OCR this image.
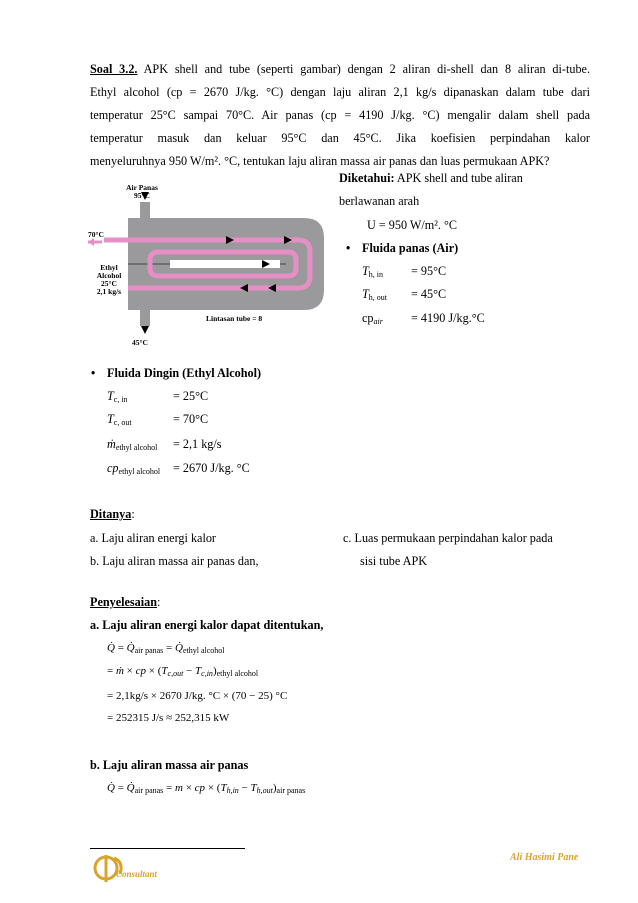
Soal 3.2. APK shell and tube (seperti gambar) dengan 2 aliran di-shell dan 8 aliran di-tube.
Ethyl alcohol (cp = 2670 J/kg. °C) dengan laju aliran 2,1 kg/s dipanaskan dalam tube dari
temperatur 25°C sampai 70°C. Air panas (cp = 4190 J/kg. °C) mengalir dalam shell pada
temperatur masuk dan keluar 95°C dan 45°C. Jika koefisien perpindahan kalor
menyeluruhnya 950 W/m². °C, tentukan laju aliran massa air panas dan luas permukaan APK?
Air Panas
95°C
70°C
Ethyl
Alcohol
25°C
2,1 kg/s
Lintasan tube = 8
45°C
Diketahui: APK shell and tube aliran
berlawanan arah
U = 950 W/m². °C
• Fluida panas (Air)
$T_{h, in} = 95^\circ C$
$T_{h, out} = 45^\circ C$
$cp_{air} = 4190$ J/kg.°C
• Fluida Dingin (Ethyl Alcohol)
$T_{c, in}$	= 25°C
$T_{c, out}$	= 70°C
ṁ$_{ethyl alcohol}$ = 2,1 kg/s
$cp_{ethyl alcohol} = 2670$ J/kg. °C
Ditanya:
a. Laju aliran energi kalor
b. Laju aliran massa air panas dan,
c. Luas permukaan perpindahan kalor pada
sisi tube APK
Penyelesaian:
a. Laju aliran energi kalor dapat ditentukan,
Q̇ = $Q̇_{air panas}$ = $Q̇_{ethyl alcohol}$
= ṁ × cp × $(T_{c,out} - T_{c,in})_{ethyl alcohol}$
= 2,1kg/s × 2670 J/kg. °C × (70 − 25) °C
= 252315 J/s ≈ 252,315 kW
b. Laju aliran massa air panas
Q̇ = $Q̇_{air panas} = m$ × cp × $(T_{h,in} - T_{h,out})_{air panas}$
Consultant
Ali Hasimi Pane
